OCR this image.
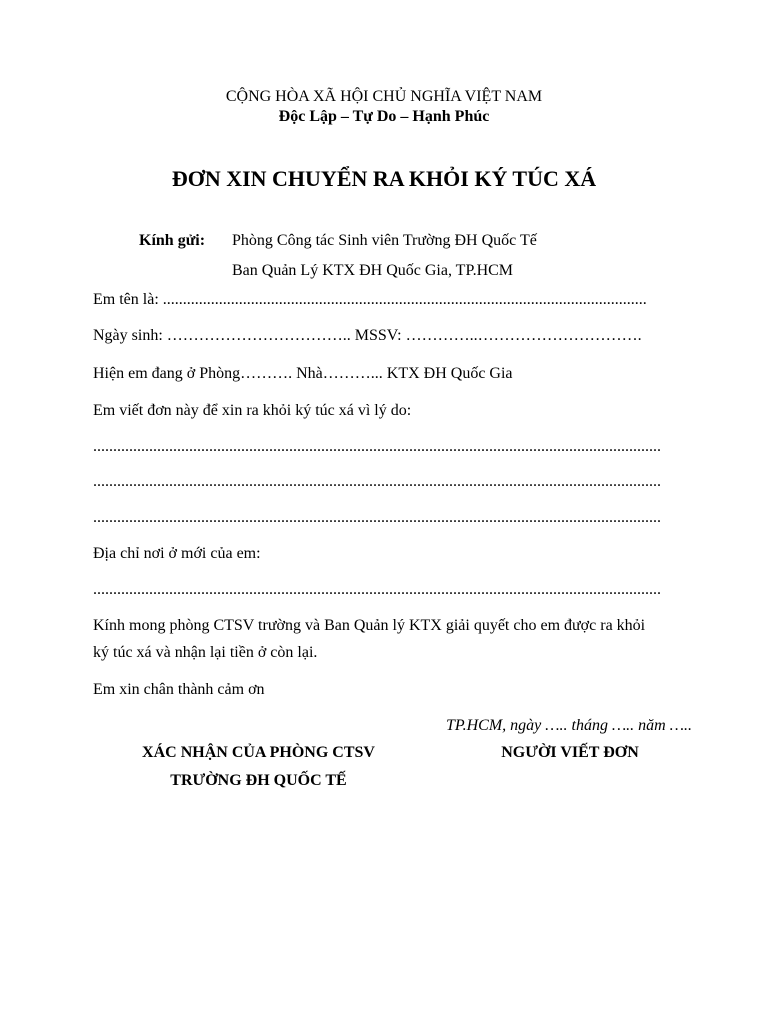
CỘNG HÒA XÃ HỘI CHỦ NGHĨA VIỆT NAM
Độc Lập – Tự Do – Hạnh Phúc
ĐƠN XIN CHUYỂN RA KHỎI KÝ TÚC XÁ
Kính gửi: Phòng Công tác Sinh viên Trường ĐH Quốc Tế
Ban Quản Lý KTX ĐH Quốc Gia, TP.HCM
Em tên là: .........................................................................................................................
Ngày sinh: …………………………….. MSSV: …………..………………………….
Hiện em đang ở Phòng………. Nhà………... KTX ĐH Quốc Gia
Em viết đơn này để xin ra khỏi ký túc xá vì lý do:
..............................................................................................................................................
..............................................................................................................................................
..............................................................................................................................................
Địa chỉ nơi ở mới của em:
..............................................................................................................................................
Kính mong phòng CTSV trường và Ban Quản lý KTX giải quyết cho em được ra khỏi
ký túc xá và nhận lại tiền ở còn lại.
Em xin chân thành cảm ơn
TP.HCM, ngày ….. tháng ….. năm …..
XÁC NHẬN CỦA PHÒNG CTSV
TRƯỜNG ĐH QUỐC TẾ
NGƯỜI VIẾT ĐƠN
